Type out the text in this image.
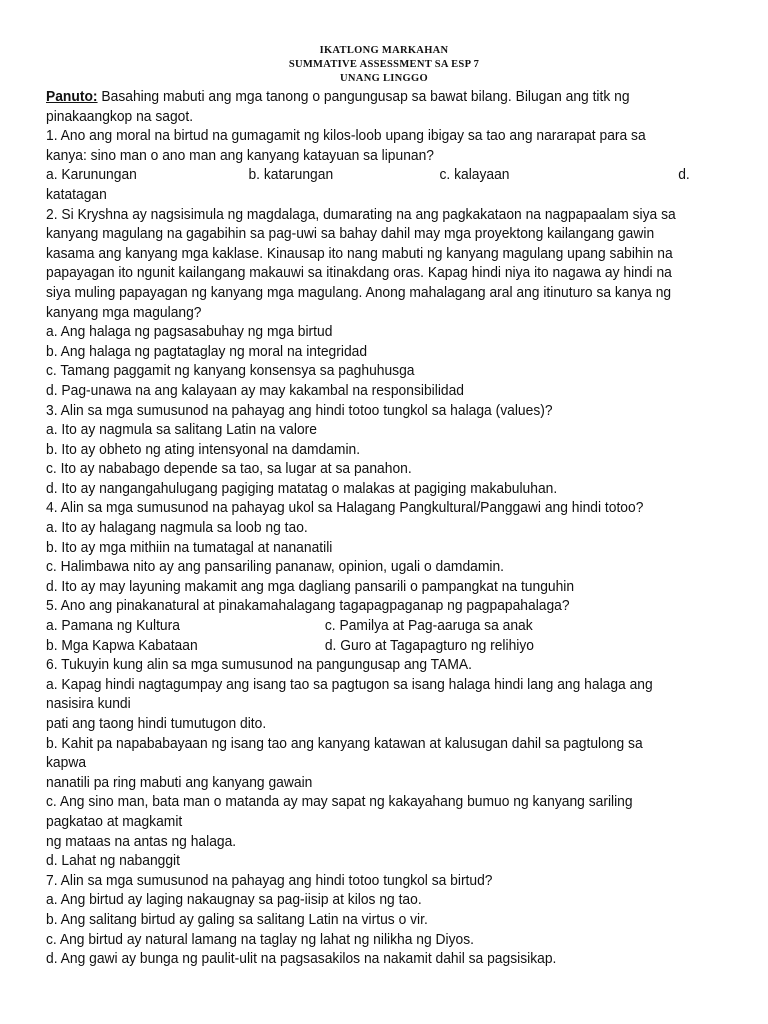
IKATLONG MARKAHAN
SUMMATIVE ASSESSMENT SA ESP 7
UNANG LINGGO
Panuto: Basahing mabuti ang mga tanong o pangungusap sa bawat bilang. Bilugan ang titk ng
pinakaangkop na sagot.
1. Ano ang moral na birtud na gumagamit ng kilos-loob upang ibigay sa tao ang nararapat para sa
kanya: sino man o ano man ang kanyang katayuan sa lipunan?
a. Karunungan	b. katarungan	c. kalayaan	d.
katatagan
2. Si Kryshna ay nagsisimula ng magdalaga, dumarating na ang pagkakataon na nagpapaalam siya sa
kanyang magulang na gagabihin sa pag-uwi sa bahay dahil may mga proyektong kailangang gawin
kasama ang kanyang mga kaklase. Kinausap ito nang mabuti ng kanyang magulang upang sabihin na
papayagan ito ngunit kailangang makauwi sa itinakdang oras. Kapag hindi niya ito nagawa ay hindi na
siya muling papayagan ng kanyang mga magulang. Anong mahalagang aral ang itinuturo sa kanya ng
kanyang mga magulang?
a. Ang halaga ng pagsasabuhay ng mga birtud
b. Ang halaga ng pagtataglay ng moral na integridad
c. Tamang paggamit ng kanyang konsensya sa paghuhusga
d. Pag-unawa na ang kalayaan ay may kakambal na responsibilidad
3. Alin sa mga sumusunod na pahayag ang hindi totoo tungkol sa halaga (values)?
a. Ito ay nagmula sa salitang Latin na valore
b. Ito ay obheto ng ating intensyonal na damdamin.
c. Ito ay nababago depende sa tao, sa lugar at sa panahon.
d. Ito ay nangangahulugang pagiging matatag o malakas at pagiging makabuluhan.
4. Alin sa mga sumusunod na pahayag ukol sa Halagang Pangkultural/Panggawi ang hindi totoo?
a. Ito ay halagang nagmula sa loob ng tao.
b. Ito ay mga mithiin na tumatagal at nananatili
c. Halimbawa nito ay ang pansariling pananaw, opinion, ugali o damdamin.
d. Ito ay may layuning makamit ang mga dagliang pansarili o pampangkat na tunguhin
5. Ano ang pinakanatural at pinakamahalagang tagapagpaganap ng pagpapahalaga?
a. Pamana ng Kultura	c. Pamilya at Pag-aaruga sa anak
b. Mga Kapwa Kabataan	d. Guro at Tagapagturo ng relihiyo
6. Tukuyin kung alin sa mga sumusunod na pangungusap ang TAMA.
a. Kapag hindi nagtagumpay ang isang tao sa pagtugon sa isang halaga hindi lang ang halaga ang
nasisira kundi
pati ang taong hindi tumutugon dito.
b. Kahit pa napababayaan ng isang tao ang kanyang katawan at kalusugan dahil sa pagtulong sa
kapwa
nanatili pa ring mabuti ang kanyang gawain
c. Ang sino man, bata man o matanda ay may sapat ng kakayahang bumuo ng kanyang sariling
pagkatao at magkamit
ng mataas na antas ng halaga.
d. Lahat ng nabanggit
7. Alin sa mga sumusunod na pahayag ang hindi totoo tungkol sa birtud?
a. Ang birtud ay laging nakaugnay sa pag-iisip at kilos ng tao.
b. Ang salitang birtud ay galing sa salitang Latin na virtus o vir.
c. Ang birtud ay natural lamang na taglay ng lahat ng nilikha ng Diyos.
d. Ang gawi ay bunga ng paulit-ulit na pagsasakilos na nakamit dahil sa pagsisikap.
